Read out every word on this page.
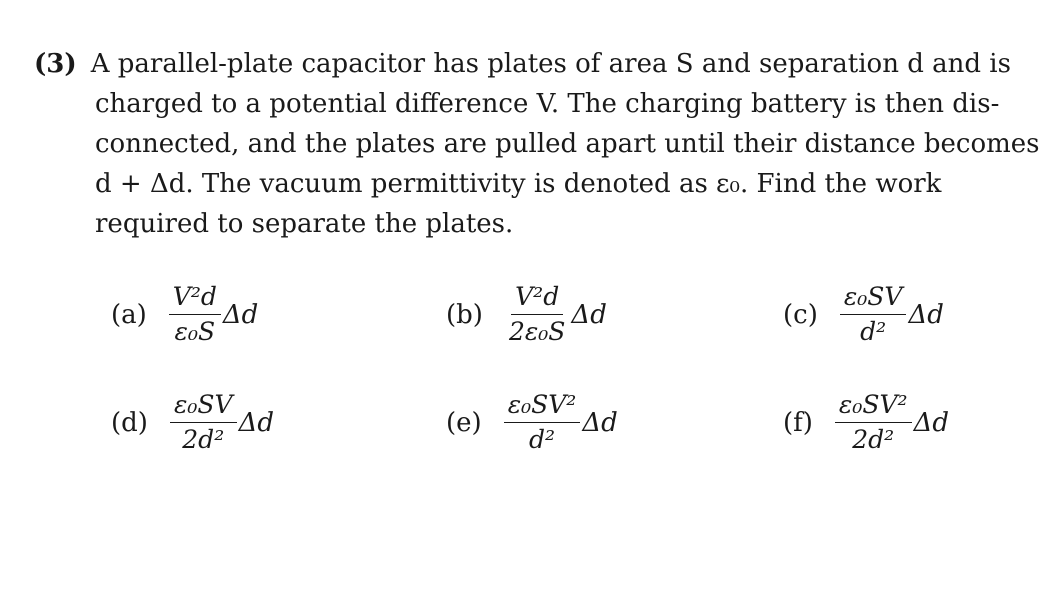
(3) A parallel-plate capacitor has plates of area S and separation d and is
charged to a potential difference V. The charging battery is then dis-
connected, and the plates are pulled apart until their distance becomes
d + Δd. The vacuum permittivity is denoted as ε₀. Find the work
required to separate the plates.
$(a) \frac{\text{V²d}}{\text{ε₀S}}$ Δd	$(b) \frac{\text{V²d}}{\text{2ε₀S}}$ Δd	$(c) \frac{\text{ε₀SV}}{\text{d²}}$ Δd
$(d) \frac{\text{ε₀SV}}{\text{2d²}}$ Δd	$(e) \frac{\text{ε₀SV²}}{\text{d²}}$ Δd	$(f) \frac{\text{ε₀SV²}}{\text{2d²}}$ Δd
